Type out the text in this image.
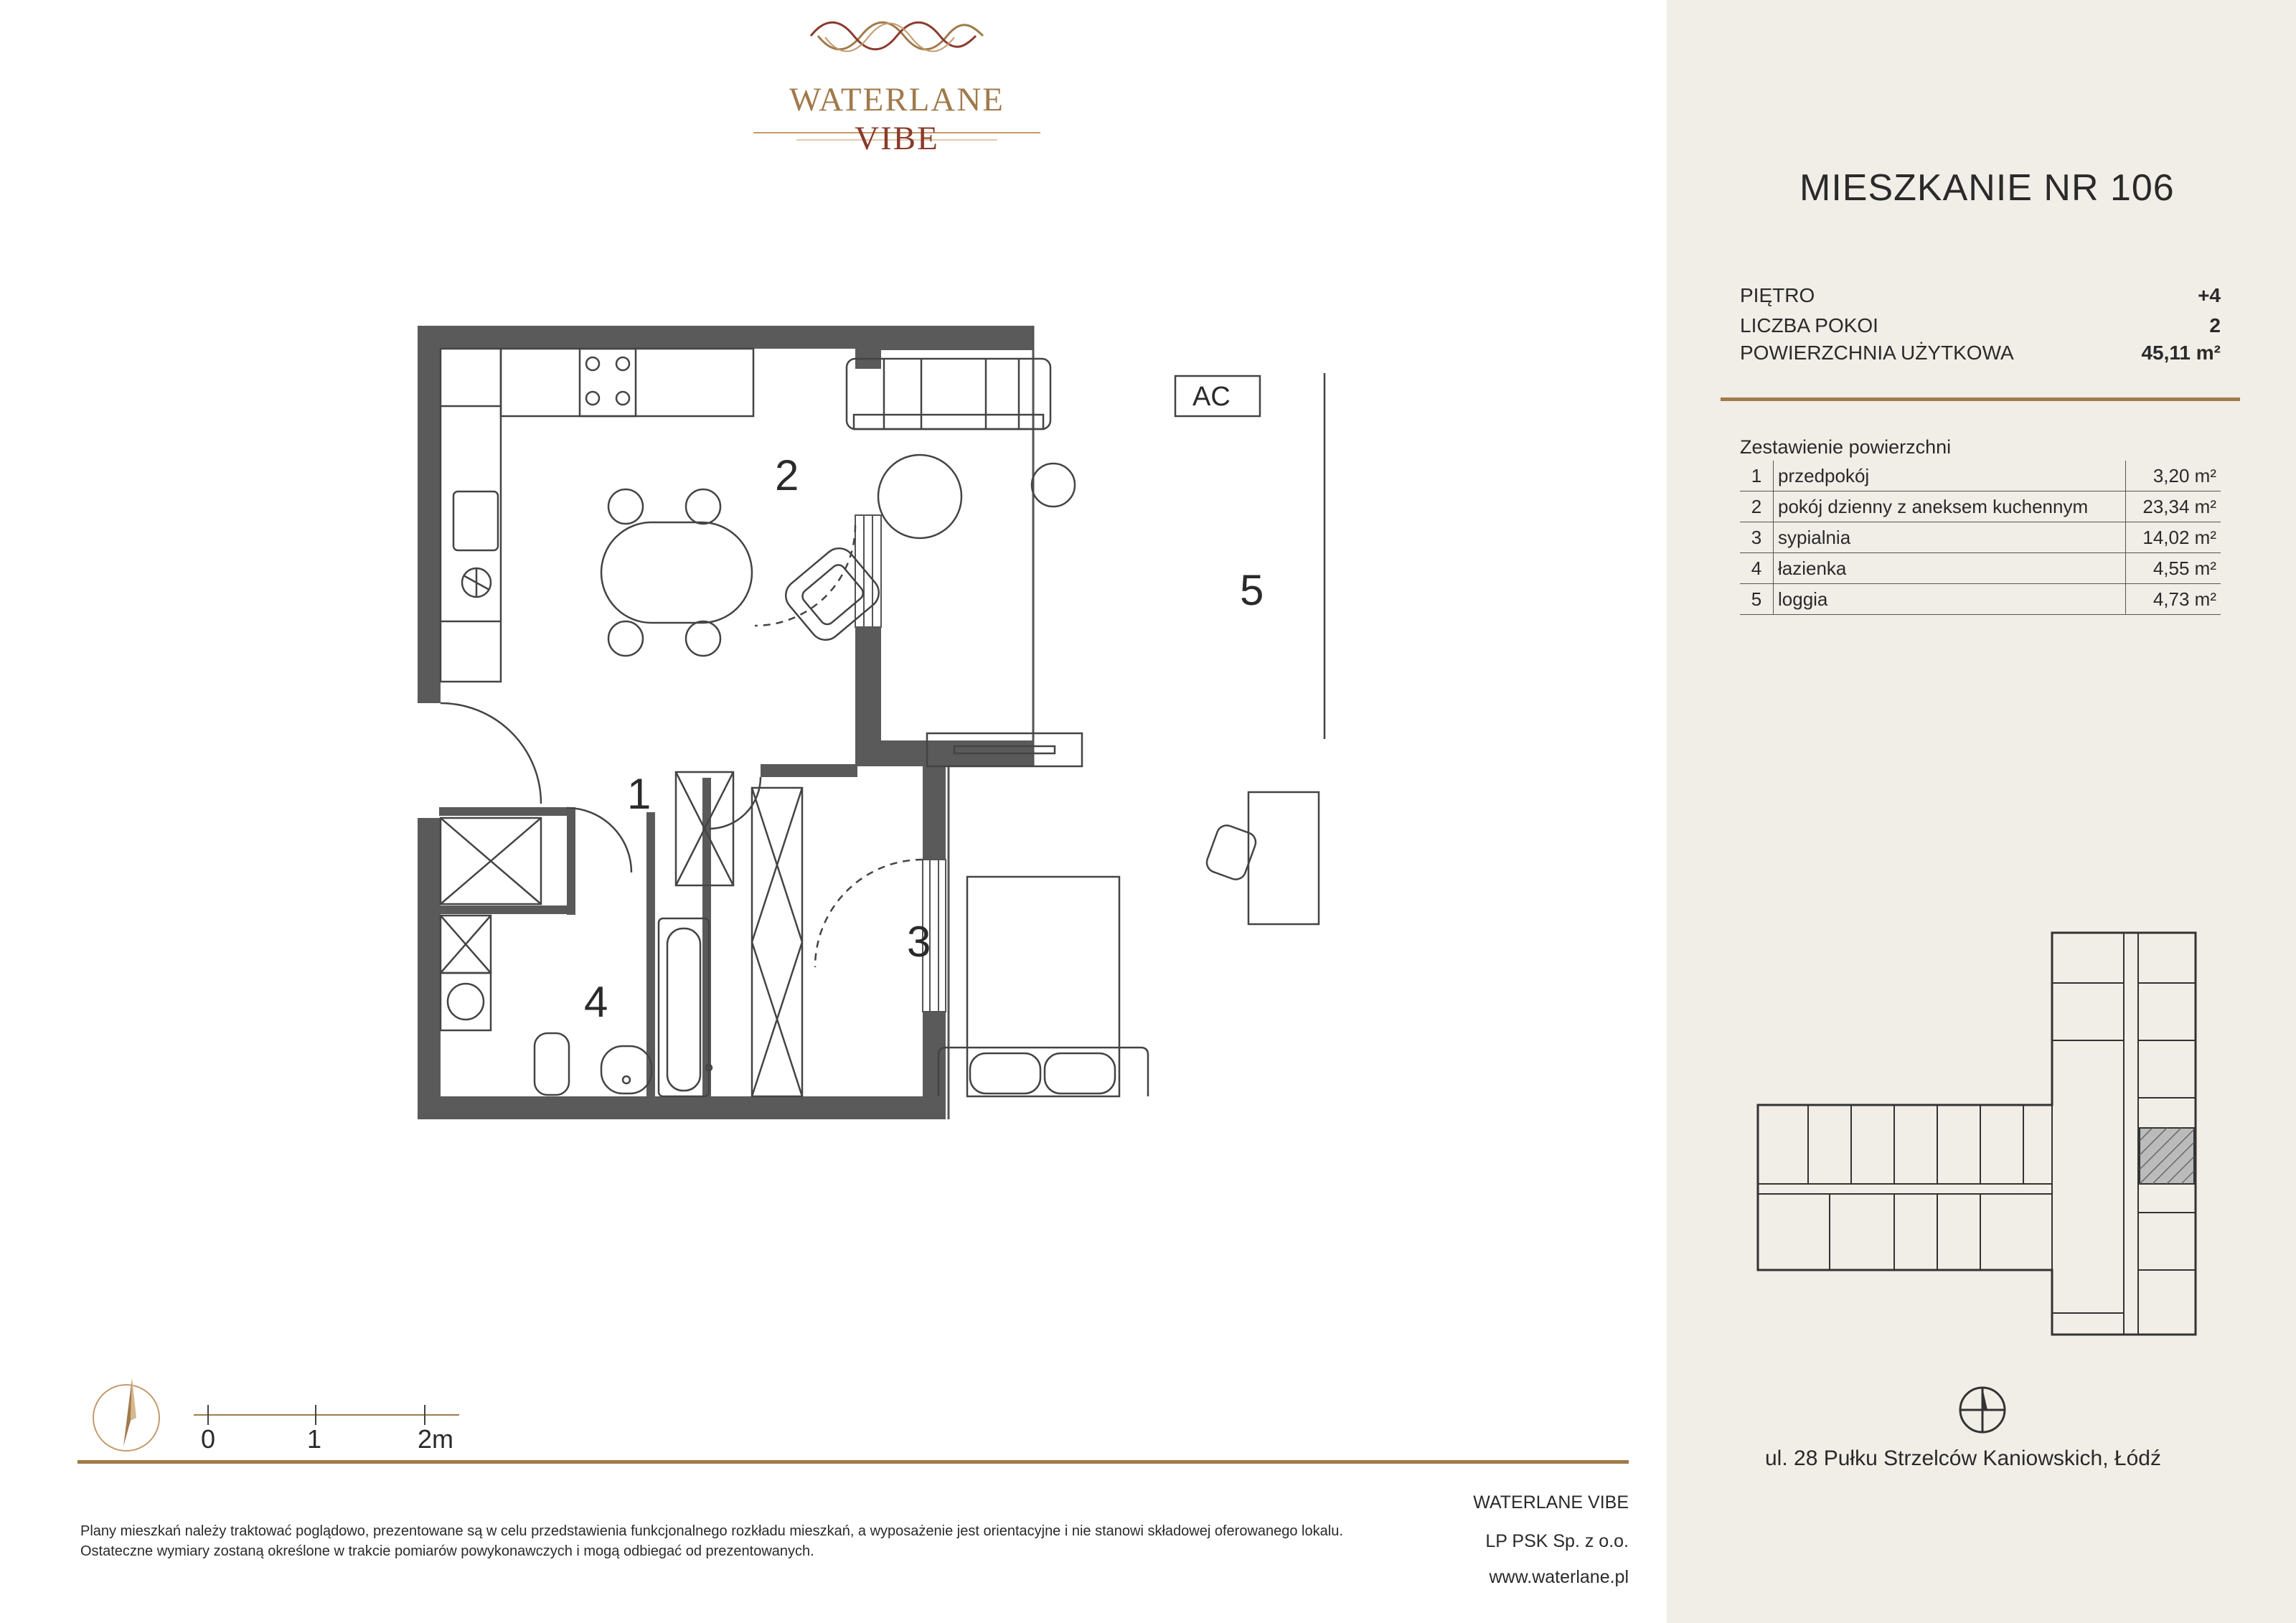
WATERLANE VIBE
2
5
1
3
4
AC
0	1	2m
Plany mieszkań należy traktować poglądowo, prezentowane są w celu przedstawienia funkcjonalnego rozkładu mieszkań, a wyposażenie jest orientacyjne i nie stanowi składowej oferowanego lokalu.
Ostateczne wymiary zostaną określone w trakcie pomiarów powykonawczych i mogą odbiegać od prezentowanych.
WATERLANE VIBE
LP PSK Sp. z o.o.
www.waterlane.pl
MIESZKANIE NR 106
PIĘTRO	+4
LICZBA POKOI	2
POWIERZCHNIA UŻYTKOWA	45,11 m²
Zestawienie powierzchni
1	przedpokój	3,20 m²
2	pokój dzienny z aneksem kuchennym	23,34 m²
3	sypialnia	14,02 m²
4	łazienka	4,55 m²
5	loggia	4,73 m²
ul. 28 Pułku Strzelców Kaniowskich, Łódź
